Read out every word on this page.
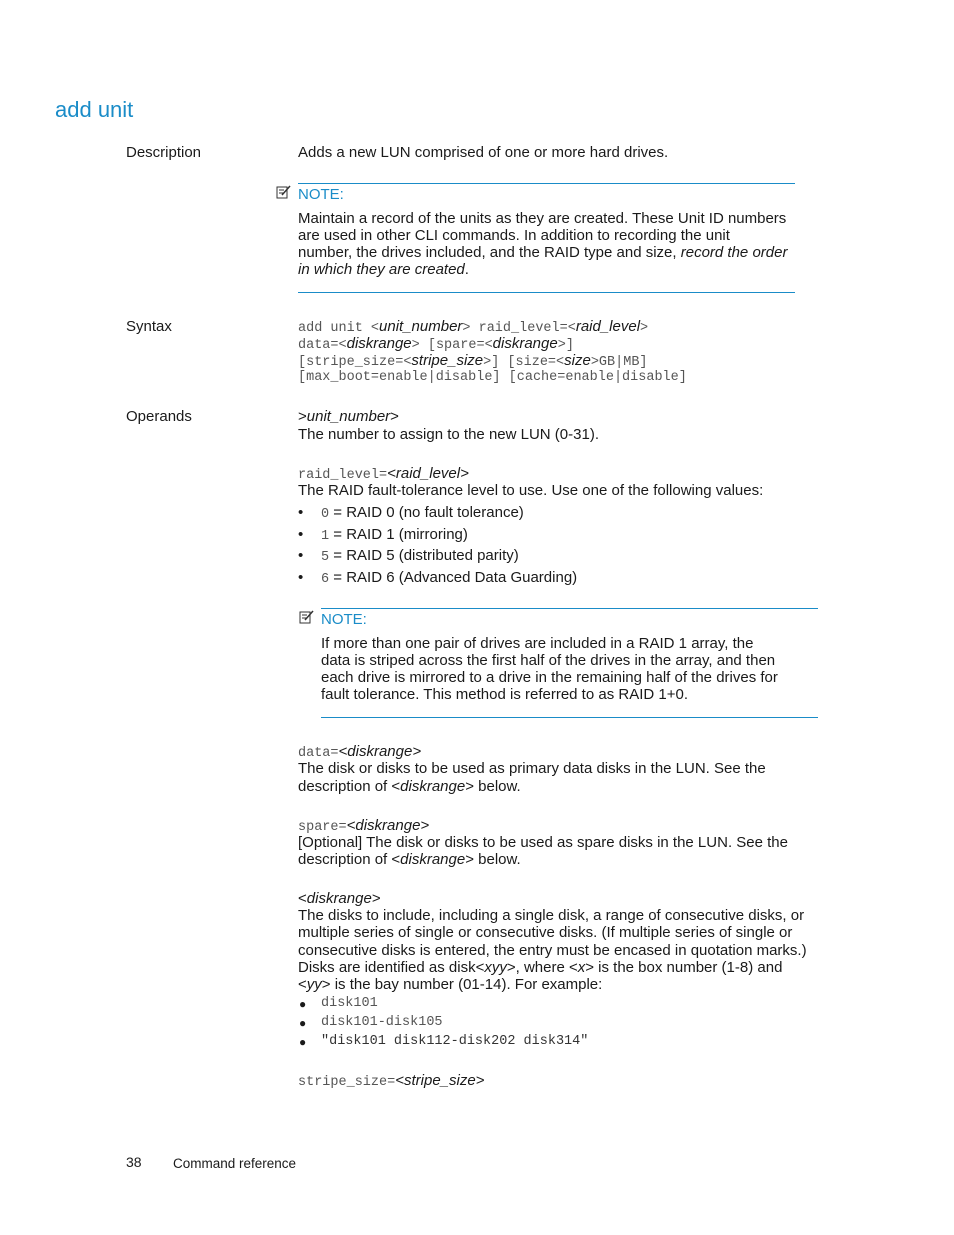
add unit
Description	Adds a new LUN comprised of one or more hard drives.
NOTE:
Maintain a record of the units as they are created. These Unit ID numbers
are used in other CLI commands. In addition to recording the unit
number, the drives included, and the RAID type and size, record the order
in which they are created.
Syntax	add unit <unit_number> raid_level=<raid_level>
data=<diskrange> [spare=<diskrange>]
[stripe_size=<stripe_size>] [size=<size>GB|MB]
[max_boot=enable|disable] [cache=enable|disable]
Operands	>unit_number>
The number to assign to the new LUN (0-31).
raid_level=<raid_level>
The RAID fault-tolerance level to use. Use one of the following values:
• 0 = RAID 0 (no fault tolerance)
• 1 = RAID 1 (mirroring)
• 5 = RAID 5 (distributed parity)
• 6 = RAID 6 (Advanced Data Guarding)
NOTE:
If more than one pair of drives are included in a RAID 1 array, the
data is striped across the first half of the drives in the array, and then
each drive is mirrored to a drive in the remaining half of the drives for
fault tolerance. This method is referred to as RAID 1+0.
data=<diskrange>
The disk or disks to be used as primary data disks in the LUN. See the
description of <diskrange> below.
spare=<diskrange>
[Optional] The disk or disks to be used as spare disks in the LUN. See the
description of <diskrange> below.
<diskrange>
The disks to include, including a single disk, a range of consecutive disks, or
multiple series of single or consecutive disks. (If multiple series of single or
consecutive disks is entered, the entry must be encased in quotation marks.)
Disks are identified as disk<xyy>, where <x> is the box number (1-8) and
<yy> is the bay number (01-14). For example:
● disk101
● disk101-disk105
● "disk101 disk112-disk202 disk314"
stripe_size=<stripe_size>
38 Command reference
